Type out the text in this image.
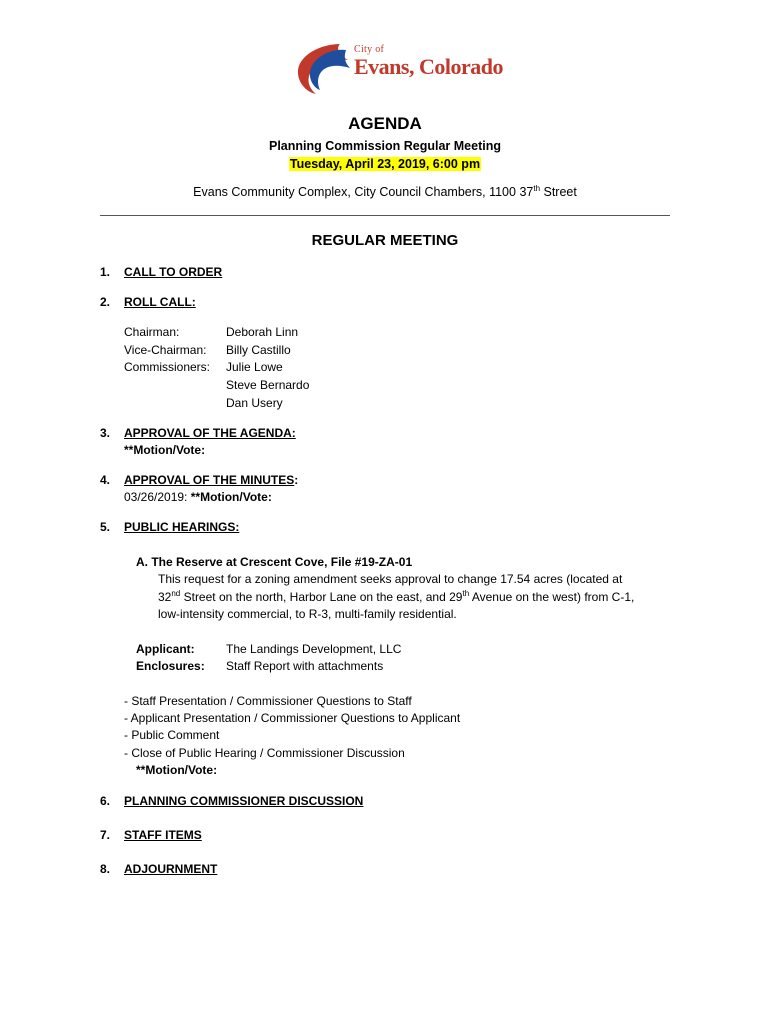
City of
Evans, Colorado
AGENDA
Planning Commission Regular Meeting
Tuesday, April 23, 2019, 6:00 pm
Evans Community Complex, City Council Chambers, 1100 37th Street
REGULAR MEETING
1. CALL TO ORDER
2. ROLL CALL:
Chairman:	Deborah Linn
Vice-Chairman: Billy Castillo
Commissioners: Julie Lowe
Steve Bernardo
Dan Usery
3. APPROVAL OF THE AGENDA:
**Motion/Vote:
4. APPROVAL OF THE MINUTES:
03/26/2019: **Motion/Vote:
5. PUBLIC HEARINGS:
A. The Reserve at Crescent Cove, File #19-ZA-01
This request for a zoning amendment seeks approval to change 17.54 acres (located at
32nd Street on the north, Harbor Lane on the east, and 29th Avenue on the west) from C-1,
low-intensity commercial, to R-3, multi-family residential.
Applicant:	The Landings Development, LLC
Enclosures: Staff Report with attachments
- Staff Presentation / Commissioner Questions to Staff
- Applicant Presentation / Commissioner Questions to Applicant
- Public Comment
- Close of Public Hearing / Commissioner Discussion
**Motion/Vote:
6. PLANNING COMMISSIONER DISCUSSION
7. STAFF ITEMS
8. ADJOURNMENT
